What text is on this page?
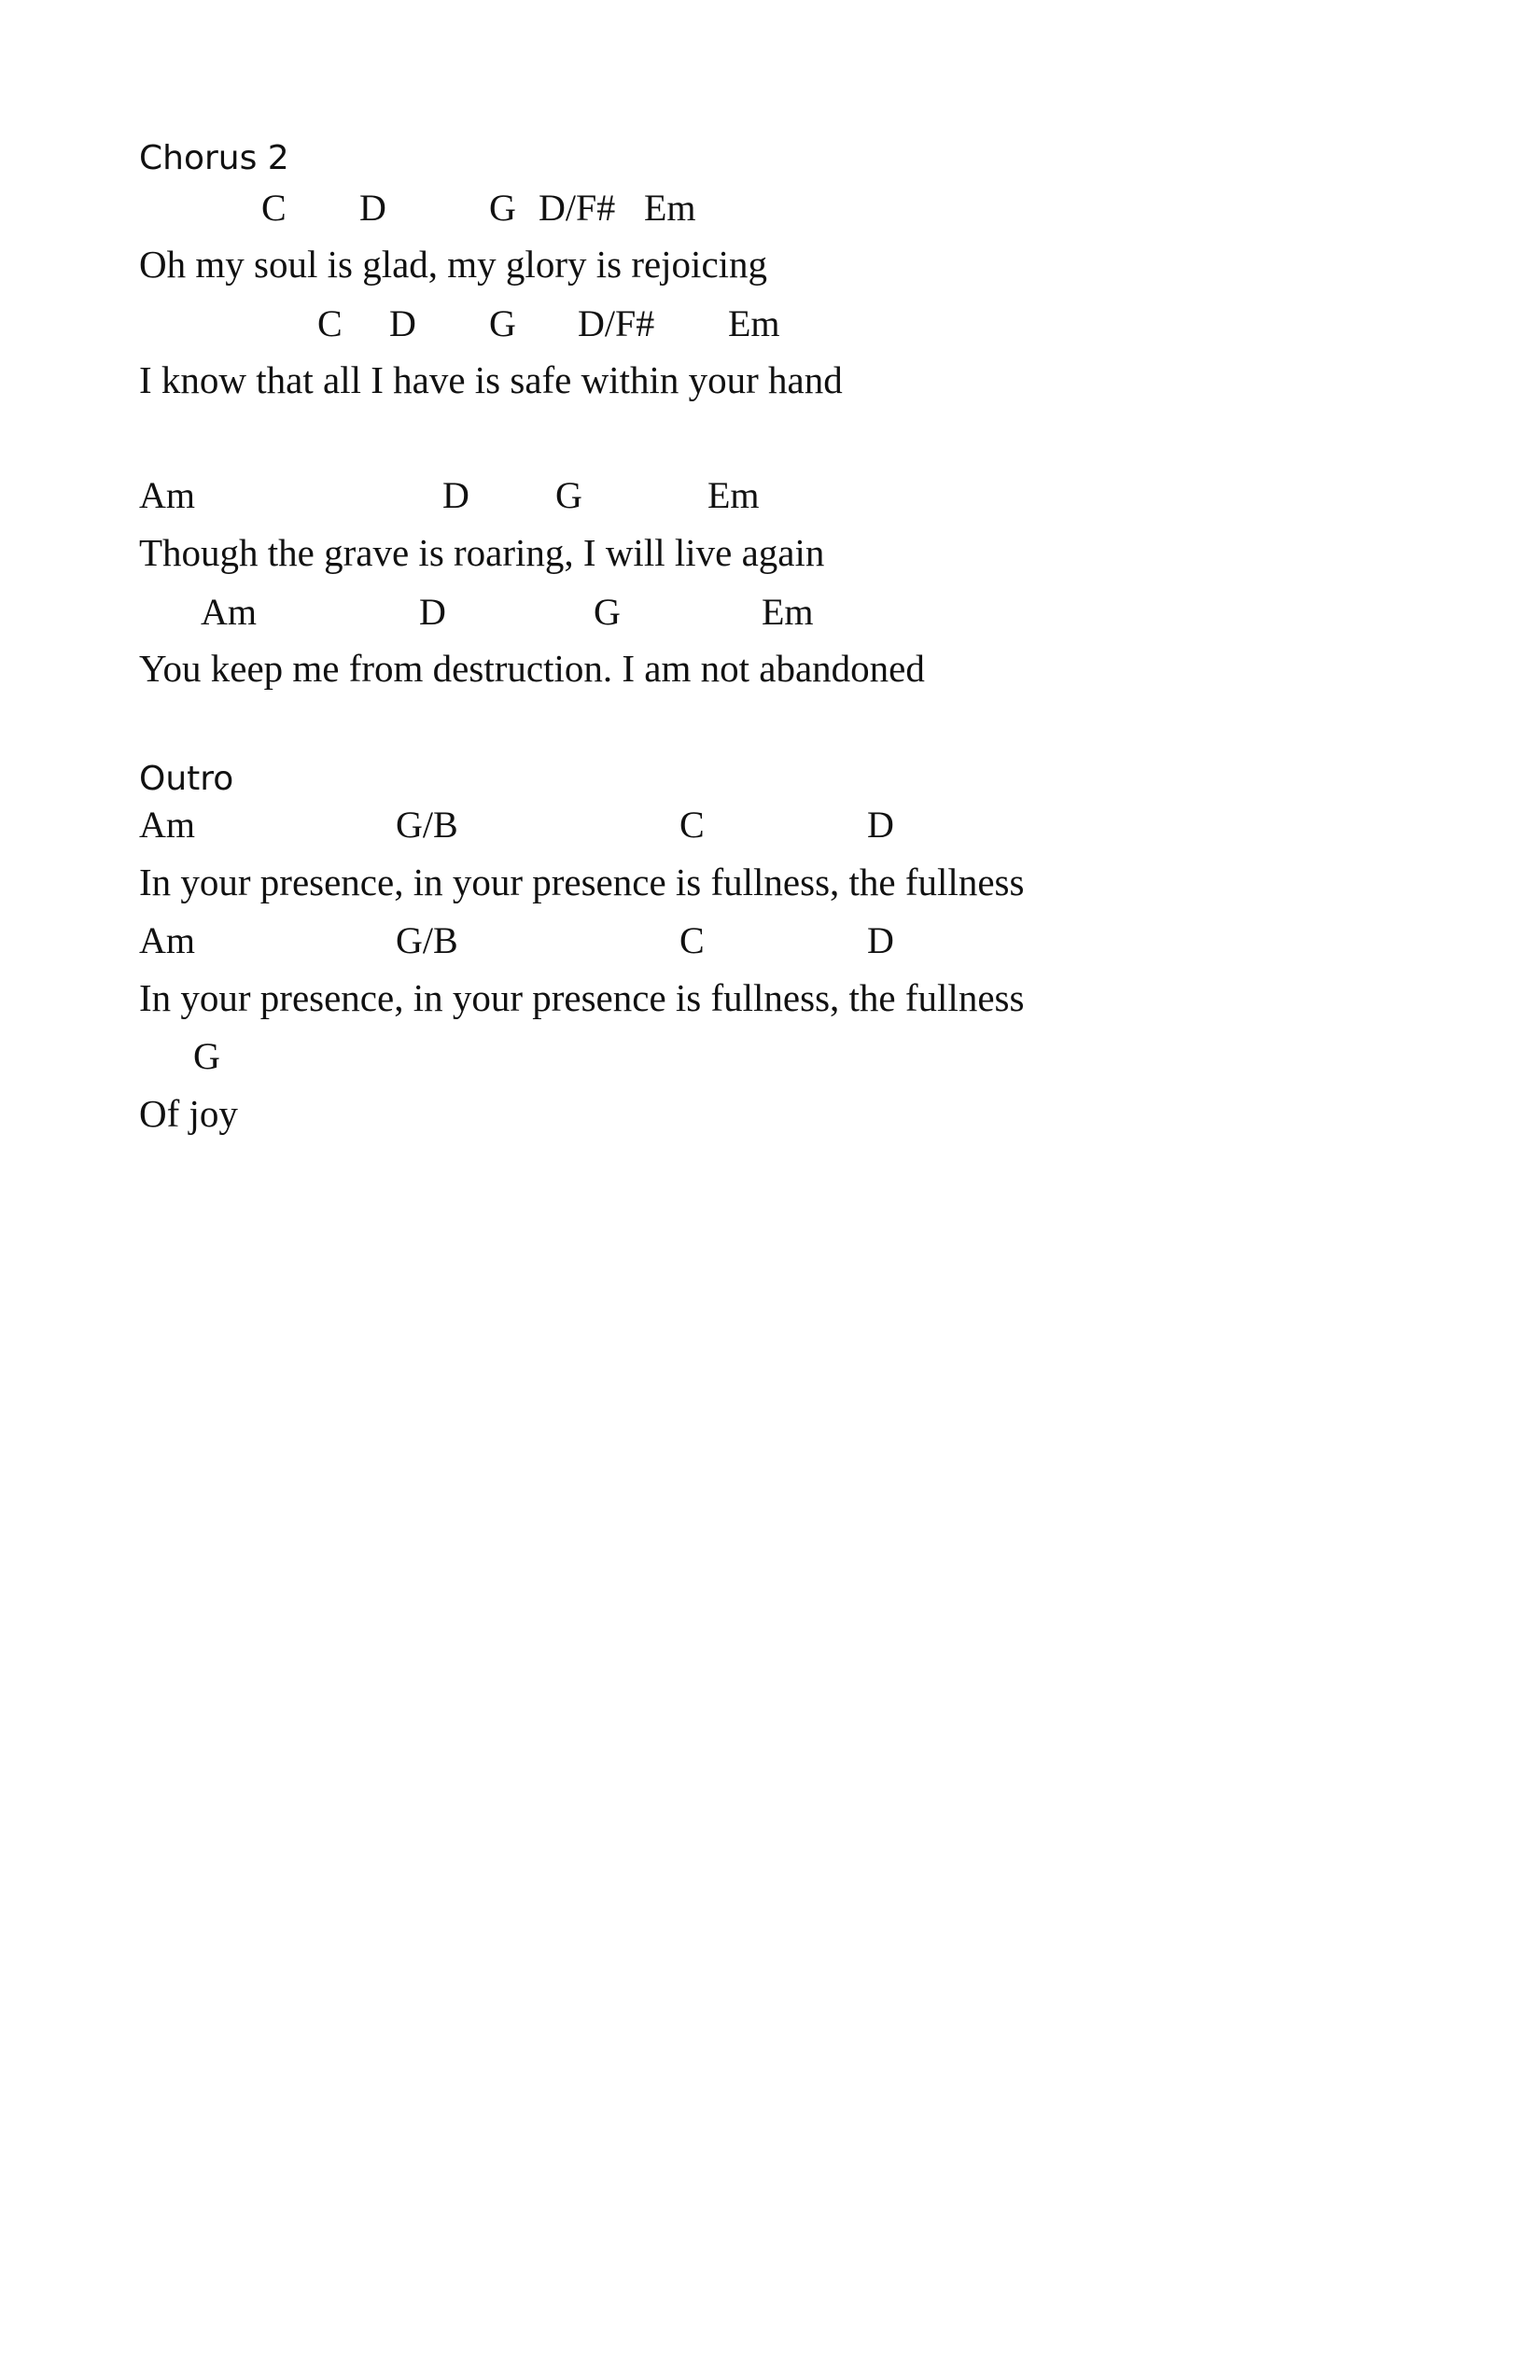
Chorus 2
C D	G D/F# Em
Oh my soul is glad, my glory is rejoicing
C D G D/F# Em
I know that all I have is safe within your hand
Am	D G	Em
Though the grave is roaring, I will live again
Am	D	G	Em
You keep me from destruction. I am not abandoned
Outro
Am	G/B	C	D
In your presence, in your presence is fullness, the fullness
Am	G/B	C	D
In your presence, in your presence is fullness, the fullness
G
Of joy
